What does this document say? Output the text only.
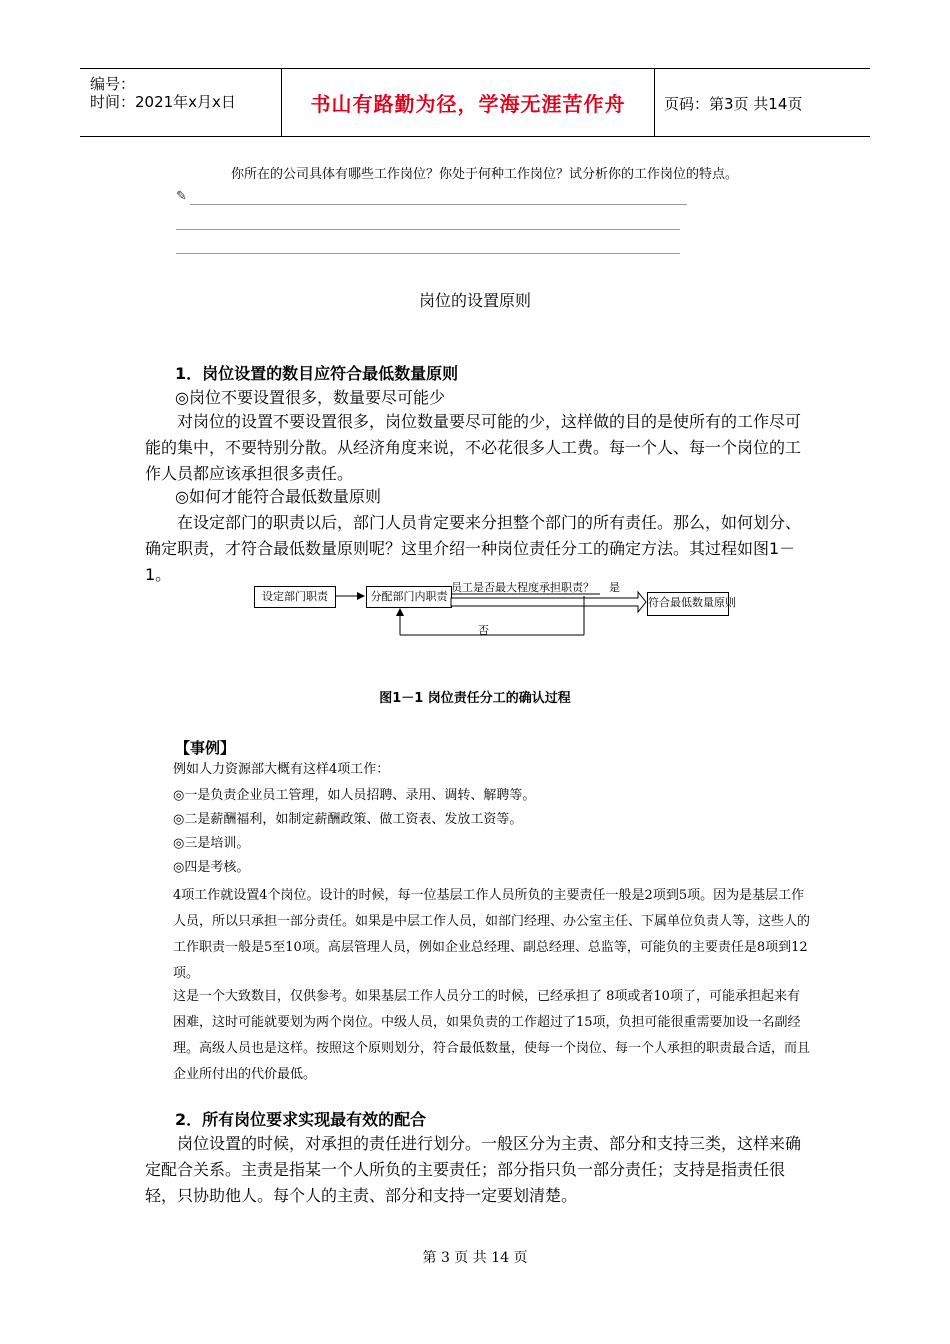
编号：
时间：2021年x月x日	书山有路勤为径，学海无涯苦作舟	页码：第3页 共14页
你所在的公司具体有哪些工作岗位？你处于何种工作岗位？试分析你的工作岗位的特点。
✎
岗位的设置原则
1．岗位设置的数目应符合最低数量原则
◎岗位不要设置很多，数量要尽可能少
对岗位的设置不要设置很多，岗位数量要尽可能的少，这样做的目的是使所有的工作尽可能的集中，不要特别分散。从经济角度来说，不必花很多人工费。每一个人、每一个岗位的工作人员都应该承担很多责任。
◎如何才能符合最低数量原则
在设定部门的职责以后，部门人员肯定要来分担整个部门的所有责任。那么，如何划分、确定职责，才符合最低数量原则呢？这里介绍一种岗位责任分工的确定方法。其过程如图1－1。
设定部门职责	分配部门内职责	符合最低数量原则
员工是否最大程度承担职责？ 是
否
图1－1 岗位责任分工的确认过程
【事例】
例如人力资源部大概有这样4项工作：
◎一是负责企业员工管理，如人员招聘、录用、调转、解聘等。
◎二是薪酬福利，如制定薪酬政策、做工资表、发放工资等。
◎三是培训。
◎四是考核。
4项工作就设置4个岗位。设计的时候，每一位基层工作人员所负的主要责任一般是2项到5项。因为是基层工作人员，所以只承担一部分责任。如果是中层工作人员，如部门经理、办公室主任、下属单位负责人等，这些人的工作职责一般是5至10项。高层管理人员，例如企业总经理、副总经理、总监等，可能负的主要责任是8项到12项。
这是一个大致数目，仅供参考。如果基层工作人员分工的时候，已经承担了 8项或者10项了，可能承担起来有困难，这时可能就要划为两个岗位。中级人员，如果负责的工作超过了15项，负担可能很重需要加设一名副经理。高级人员也是这样。按照这个原则划分，符合最低数量，使每一个岗位、每一个人承担的职责最合适，而且企业所付出的代价最低。
2．所有岗位要求实现最有效的配合
岗位设置的时候，对承担的责任进行划分。一般区分为主责、部分和支持三类，这样来确定配合关系。主责是指某一个人所负的主要责任；部分指只负一部分责任；支持是指责任很轻，只协助他人。每个人的主责、部分和支持一定要划清楚。
第 3 页 共 14 页
